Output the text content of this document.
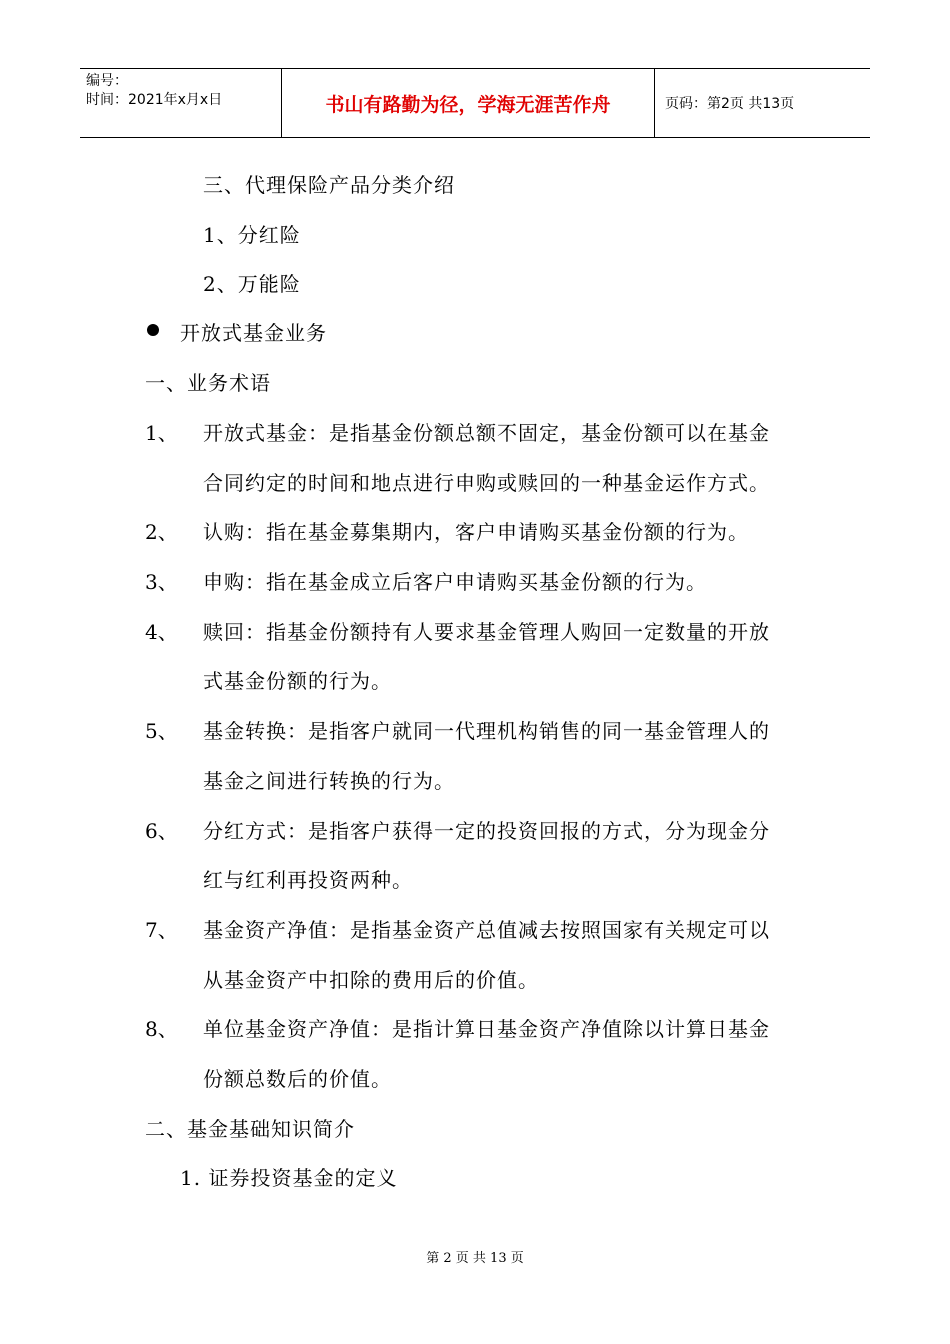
编号：
时间：2021年x月x日	书山有路勤为径，学海无涯苦作舟	页码：第2页 共13页
三、代理保险产品分类介绍
1、分红险
2、万能险
开放式基金业务
一、业务术语
1、 开放式基金：是指基金份额总额不固定，基金份额可以在基金
合同约定的时间和地点进行申购或赎回的一种基金运作方式。
2、 认购：指在基金募集期内，客户申请购买基金份额的行为。
3、 申购：指在基金成立后客户申请购买基金份额的行为。
4、 赎回：指基金份额持有人要求基金管理人购回一定数量的开放
式基金份额的行为。
5、 基金转换：是指客户就同一代理机构销售的同一基金管理人的
基金之间进行转换的行为。
6、 分红方式：是指客户获得一定的投资回报的方式，分为现金分
红与红利再投资两种。
7、 基金资产净值：是指基金资产总值减去按照国家有关规定可以
从基金资产中扣除的费用后的价值。
8、 单位基金资产净值：是指计算日基金资产净值除以计算日基金
份额总数后的价值。
二、基金基础知识简介
1. 证券投资基金的定义
第 2 页 共 13 页
